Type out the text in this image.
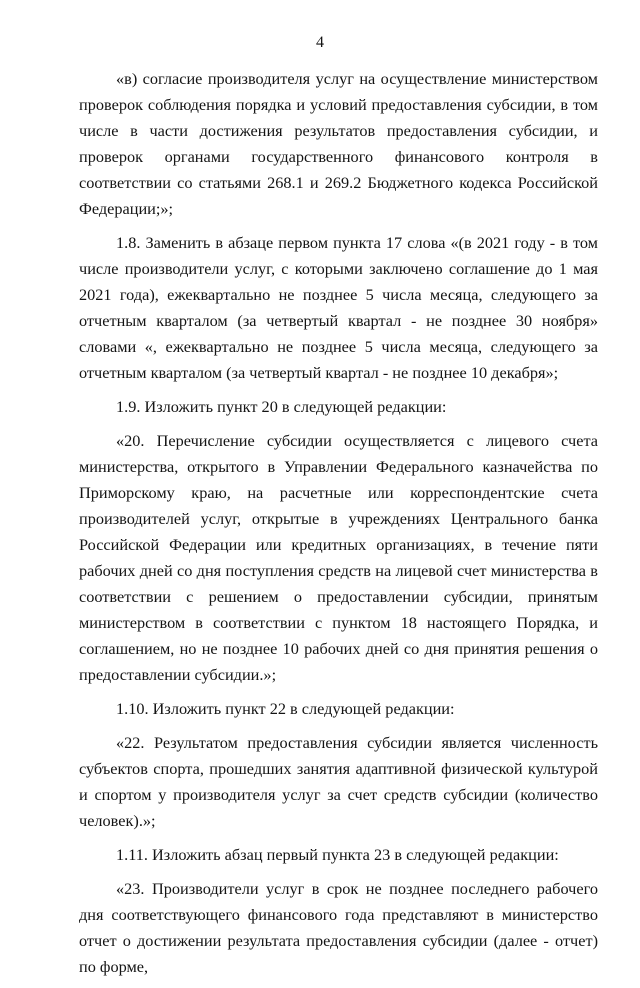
4

«в) согласие производителя услуг на осуществление министерством проверок соблюдения порядка и условий предоставления субсидии, в том числе в части достижения результатов предоставления субсидии, и проверок органами государственного финансового контроля в соответствии со статьями 268.1 и 269.2 Бюджетного кодекса Российской Федерации;»;

1.8. Заменить в абзаце первом пункта 17 слова «(в 2021 году - в том числе производители услуг, с которыми заключено соглашение до 1 мая 2021 года), ежеквартально не позднее 5 числа месяца, следующего за отчетным кварталом (за четвертый квартал - не позднее 30 ноября» словами «, ежеквартально не позднее 5 числа месяца, следующего за отчетным кварталом (за четвертый квартал - не позднее 10 декабря»;

1.9. Изложить пункт 20 в следующей редакции:

«20. Перечисление субсидии осуществляется с лицевого счета министерства, открытого в Управлении Федерального казначейства по Приморскому краю, на расчетные или корреспондентские счета производителей услуг, открытые в учреждениях Центрального банка Российской Федерации или кредитных организациях, в течение пяти рабочих дней со дня поступления средств на лицевой счет министерства в соответствии с решением о предоставлении субсидии, принятым министерством в соответствии с пунктом 18 настоящего Порядка, и соглашением, но не позднее 10 рабочих дней со дня принятия решения о предоставлении субсидии.»;

1.10. Изложить пункт 22 в следующей редакции:

«22. Результатом предоставления субсидии является численность субъектов спорта, прошедших занятия адаптивной физической культурой и спортом у производителя услуг за счет средств субсидии (количество человек).»;

1.11. Изложить абзац первый пункта 23 в следующей редакции:

«23. Производители услуг в срок не позднее последнего рабочего дня соответствующего финансового года представляют в министерство отчет о достижении результата предоставления субсидии (далее - отчет) по форме,
